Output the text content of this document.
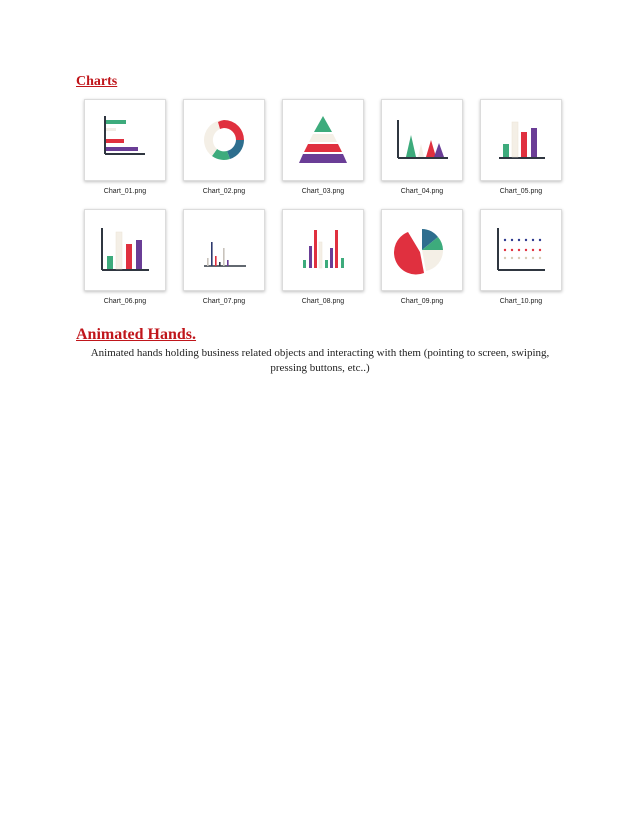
Charts
Chart_01.png	Chart_02.png	Chart_03.png	Chart_04.png	Chart_05.png
Chart_06.png	Chart_07.png	Chart_08.png	Chart_09.png	Chart_10.png
Animated Hands.
Animated hands holding business related objects and interacting with them (pointing to screen, swiping, pressing buttons, etc..)
